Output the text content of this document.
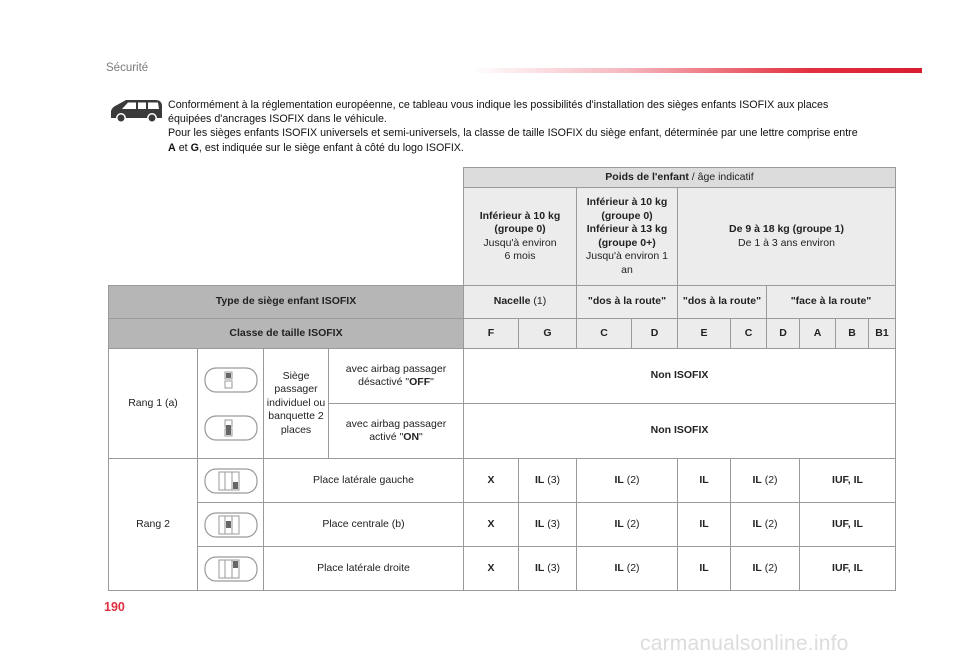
Sécurité

Conformément à la réglementation européenne, ce tableau vous indique les possibilités d'installation des sièges enfants ISOFIX aux places équipées d'ancrages ISOFIX dans le véhicule.

Pour les sièges enfants ISOFIX universels et semi-universels, la classe de taille ISOFIX du siège enfant, déterminée par une lettre comprise entre A et G, est indiquée sur le siège enfant à côté du logo ISOFIX.

				Poids de l'enfant / âge indicatif									
				Inférieur à 10 kg
(groupe 0)
Jusqu'à environ
6 mois		Inférieur à 10 kg
(groupe 0)
Inférieur à 13 kg
(groupe 0+)
Jusqu'à environ 1 an		De 9 à 18 kg (groupe 1)
De 1 à 3 ans environ					
Type de siège enfant ISOFIX				Nacelle (1)		"dos à la route"		"dos à la route"		"face à la route"			
Classe de taille ISOFIX				F	G	C	D	E	C	D	A	B	B1
Rang 1 (a)		Siège passager individuel ou banquette 2 places	avec airbag passager désactivé "OFF"	Non ISOFIX									
			avec airbag passager activé "ON"	Non ISOFIX									
Rang 2		Place latérale gauche		X	IL (3)	IL (2)		IL	IL (2)		IUF, IL		

	Place centrale (b)		X	IL (3)	IL (2)		IL	IL (2)		IUF, IL		

	Place latérale droite		X	IL (3)	IL (2)		IL	IL (2)		IUF, IL		
190
carmanualsonline.info
